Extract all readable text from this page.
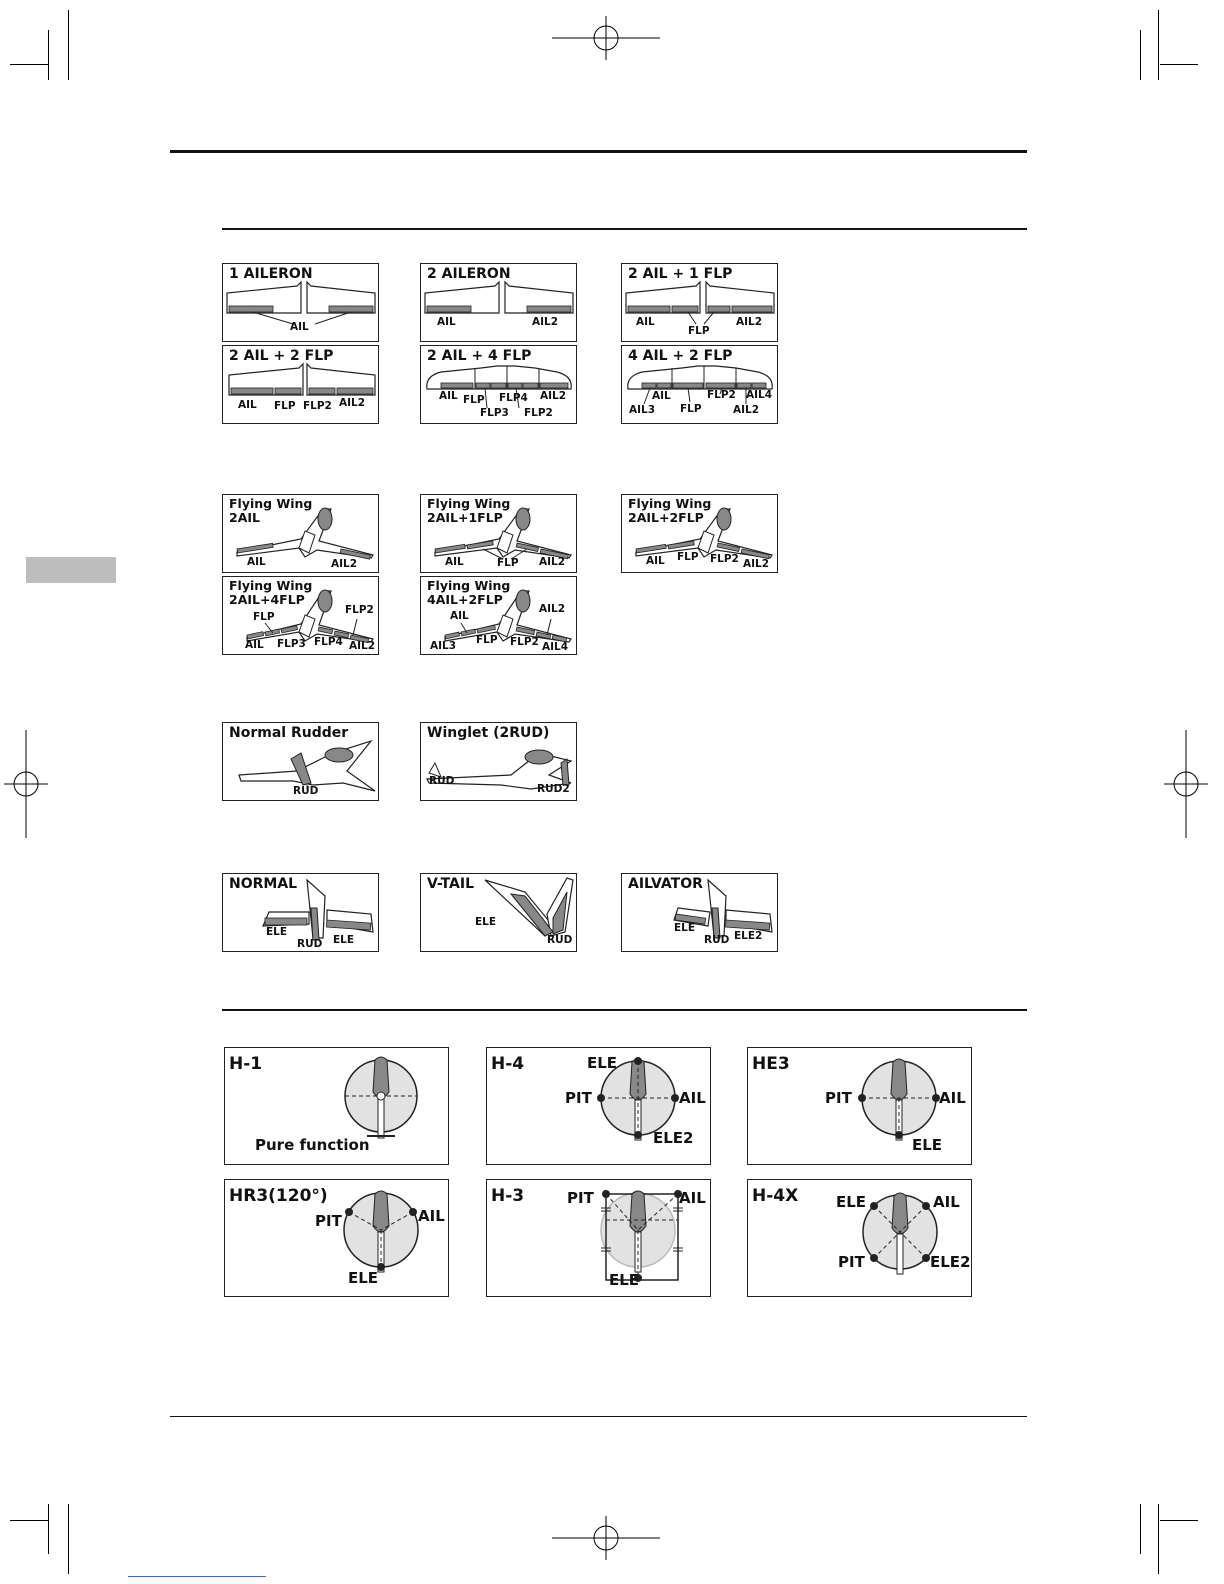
1 AILERON
AIL
2 AILERON
AIL	AIL2
2 AIL + 1 FLP
AIL
FLP
AIL2
2 AIL + 2 FLP
AIL FLP FLP2 AIL2
2 AIL + 4 FLP
AIL FLP FLP4 AIL2
FLP3 FLP2
4 AIL + 2 FLP
AIL	FLP2 AIL4
AIL3 FLP	AIL2
Flying Wing
2AIL
AIL	AIL2
Flying Wing
2AIL+1FLP
AIL	FLP AIL2
Flying Wing
2AIL+2FLP
AIL FLP FLP2 AIL2
Flying Wing
2AIL+4FLP
FLP2
FLP
AIL FLP3 FLP4 AIL2
Flying Wing
4AIL+2FLP
AIL2
AIL
AIL3 FLP FLP2 AIL4
Normal Rudder
RUD
Winglet (2RUD)
RUD
RUD2
NORMAL
ELE
RUD ELE
V-TAIL
ELE
RUD
AILVATOR
ELE
RUD ELE2
H-1
Pure function
H-4	ELE
PIT	AIL
ELE2
HE3
PIT	AIL
ELE
HR3(120°)
PIT	AIL
ELE
H-3	PIT	AIL
ELE
H-4X	ELE	AIL
PIT	ELE2
